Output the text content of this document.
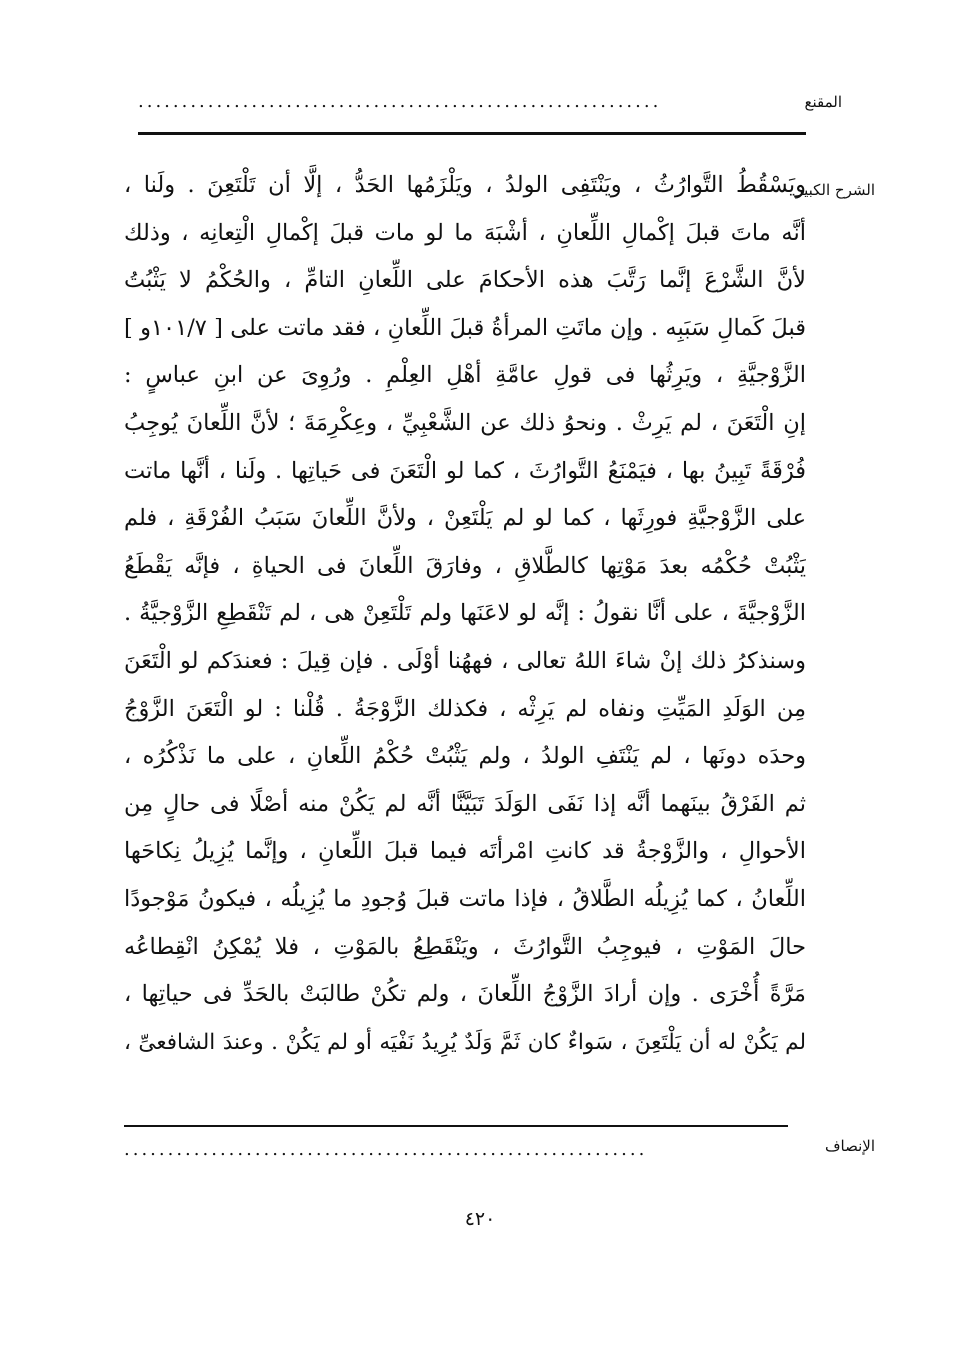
المقنع
............................................................
الشرح الكبير
ويَسْقُطُ التَّوارُثُ ، ويَنْتَفِى الولدُ ، ويَلْزَمُها الحَدُّ ، إلَّا أن تَلْتَعِنَ . ولَنا ،
أنَّه ماتَ قبلَ إكْمالِ اللِّعانِ ، أشْبَهَ ما لو مات قبلَ إكْمالِ الْتِعانِه ، وذلك
لأنَّ الشَّرْعَ إنَّما رَتَّبَ هذه الأحكامَ على اللِّعانِ التامِّ ، والحُكْمُ لا يَثْبُتُ
قبلَ كَمالِ سَبَبِه . وإن ماتَتِ المرأةُ قبلَ اللِّعانِ ، فقد ماتت على [ ١٠١/٧و ]
الزَّوْجيَّةِ ، ويَرِثُها فى قولِ عامَّةِ أهْلِ العِلْمِ . ورُوِىَ عن ابنِ عباسٍ :
إنِ الْتَعَنَ ، لم يَرِثْ . ونحوُ ذلك عن الشَّعْبِيِّ ، وعِكْرِمَةَ ؛ لأنَّ اللِّعانَ يُوجِبُ
فُرْقَةً تَبِينُ بها ، فيَمْنَعُ التَّوارُثَ ، كما لو الْتَعَنَ فى حَياتِها . ولَنا ، أنَّها ماتت
على الزَّوْجيَّةِ فورِثَها ، كما لو لم يَلْتَعِنْ ، ولأنَّ اللِّعانَ سَبَبُ الفُرْقَةِ ، فلم
يَثْبُتْ حُكْمُه بعدَ مَوْتِها كالطَّلاقِ ، وفارَقَ اللِّعانَ فى الحياةِ ، فإنَّه يَقْطَعُ
الزَّوْجيَّةَ ، على أنَّا نقولُ : إنَّه لو لاعَنَها ولم تَلْتَعِنْ هى ، لم تَنْقَطِعِ الزَّوْجيَّةُ .
وسنذكرُ ذلك إنْ شاءَ اللهُ تعالى ، فههُنا أوْلَى . فإن قِيلَ : فعندَكم لو الْتَعَنَ
مِن الوَلَدِ المَيِّتِ ونفاه لم يَرِثْه ، فكذلك الزَّوْجَةُ . قُلْنا : لو الْتَعَنَ الزَّوْجُ
وحدَه دونَها ، لم يَنْتَفِ الولدُ ، ولم يَثْبُتْ حُكْمُ اللِّعانِ ، على ما نَذْكُرُه ،
ثم الفَرْقُ بينَهما أنَّه إذا نَفَى الوَلَدَ تَبَيَّنَّا أنَّه لم يَكُنْ منه أصْلًا فى حالٍ مِن
الأحوالِ ، والزَّوْجةُ قد كانتِ امْرأتَه فيما قبلَ اللِّعانِ ، وإنَّما يُزِيلُ نِكاحَها
اللِّعانُ ، كما يُزِيلُه الطَّلاقُ ، فإذا ماتت قبلَ وُجودِ ما يُزِيلُه ، فيكونُ مَوْجودًا
حالَ المَوْتِ ، فيوجِبُ التَّوارُثَ ، ويَنْقَطِعُ بالمَوْتِ ، فلا يُمْكِنُ انْقِطاعُه
مَرَّةً أُخْرَى . وإن أرادَ الزَّوْجُ اللِّعانَ ، ولم تكُنْ طالبَتْ بالحَدِّ فى حياتِها ،
لم يَكُنْ له أن يَلْتَعِنَ ، سَواءٌ كان ثَمَّ وَلَدٌ يُرِيدُ نَفْيَه أو لم يَكُنْ . وعندَ الشافعىِّ ،
الإنصاف
............................................................
٤٢٠
